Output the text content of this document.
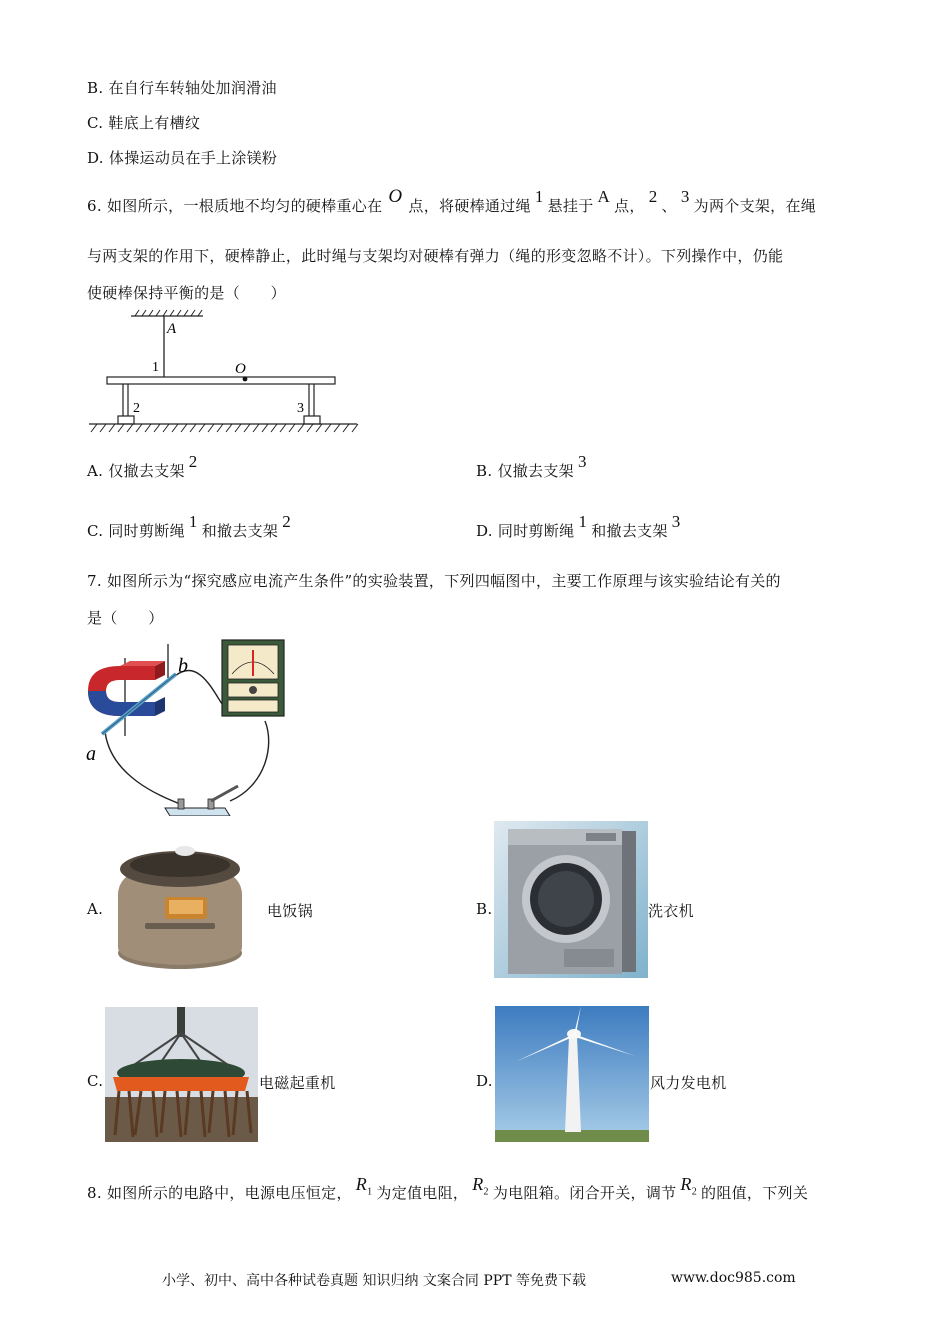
B. 在自行车转轴处加润滑油
C. 鞋底上有槽纹
D. 体操运动员在手上涂镁粉
6. 如图所示，一根质地不均匀的硬棒重心在 O 点，将硬棒通过绳 1 悬挂于 A 点， 2 、 3 为两个支架，在绳
与两支架的作用下，硬棒静止，此时绳与支架均对硬棒有弹力（绳的形变忽略不计）。下列操作中，仍能
使硬棒保持平衡的是（　　）
A
1	O
2	3
A. 仅撤去支架 2	B. 仅撤去支架 3
C. 同时剪断绳 1 和撤去支架 2	D. 同时剪断绳 1 和撤去支架 3
7. 如图所示为“探究感应电流产生条件”的实验装置，下列四幅图中，主要工作原理与该实验结论有关的
是（　　）
b
a
A.	电饭锅	B.	洗衣机
C.	电磁起重机	D.	风力发电机
8. 如图所示的电路中，电源电压恒定， $R_1$ 为定值电阻， $R_2$ 为电阻箱。闭合开关，调节 $R_2$ 的阻值，下列关
小学、初中、高中各种试卷真题 知识归纳 文案合同 PPT 等免费下载	www.doc985.com
